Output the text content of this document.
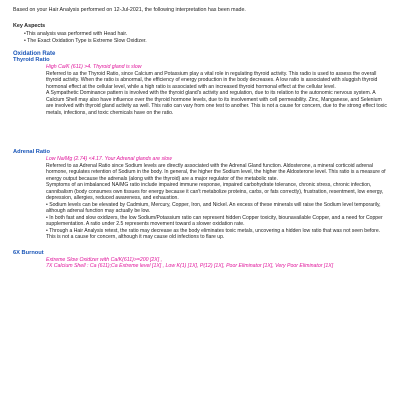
Based on your Hair Analysis performed on 12-Jul-2021, the following interpretation has been made.

Key Aspects
•This analysis was performed with Head hair.
• The Exact Oxidation Type is Extreme Slow Oxidizer.
Oxidation Rate
Thyroid Ratio

High Ca/K (611) >4. Thyroid gland is slow

Referred to as the Thyroid Ratio, since Calcium and Potassium play a vital role in regulating thyroid activity. This radio is used to assess the overall thyroid activity. When the ratio is abnormal, the efficiency of energy production in the body decreases. A low ratio is associated with sluggish thyroid hormonal effect at the cellular level, while a high ratio is associated with an increased thyroid hormonal effect at the cellular level.

A Sympathetic Dominance pattern is involved with the thyroid gland's activity and regulation, due to its relation to the autonomic nervous system. A Calcium Shell may also have influence over the thyroid hormone levels, due to its involvement with cell permeability. Zinc, Manganese, and Selenium are involved with thyroid gland activity as well. This ratio can vary from one test to another. This is not a cause for concern, due to the strong effect toxic metals, infections, and toxic chemicals have on the ratio.

Adrenal Ratio

Low Na/Mg (2.74) <4.17. Your Adrenal glands are slow

Referred to as Adrenal Ratio since Sodium levels are directly associated with the Adrenal Gland function. Aldosterone, a mineral corticoid adrenal hormone, regulates retention of Sodium in the body. In general, the higher the Sodium level, the higher the Aldosterone level. This ratio is a measure of energy output because the adrenals (along with the thyroid) are a major regulator of the metabolic rate.

Symptoms of an imbalanced NA/MG ratio include impaired immune response, impaired carbohydrate tolerance, chronic stress, chronic infection, cannibalism (body consumes own tissues for energy because it can't metabolize proteins, carbs, or fats correctly), frustration, resentment, low energy, depression, allergies, reduced awareness, and exhaustion.

• Sodium levels can be elevated by Cadmium, Mercury, Copper, Iron, and Nickel. An excess of these minerals will raise the Sodium level temporarily, although adrenal function may actually be low.

• In both fast and slow oxidizers, the low Sodium/Potassium ratio can represent hidden Copper toxicity, biounavailable Copper, and a need for Copper supplementation. A ratio under 2.5 represents movement toward a slower oxidation rate.

• Through a Hair Analysis retest, the ratio may decrease as the body eliminates toxic metals, uncovering a hidden low ratio that was not seen before. This is not a cause for concern, although it may cause old infections to flare up.

6X Burnout

Extreme Slow Oxidizer with Ca/K(611)>=200 [2X] ,

7X Calcium Shell : Ca (611);Ca Extreme level [1X] , Low K(1) [1X], P(12) [1X], Poor Eliminator [1X], Very Poor Eliminator [1X]
